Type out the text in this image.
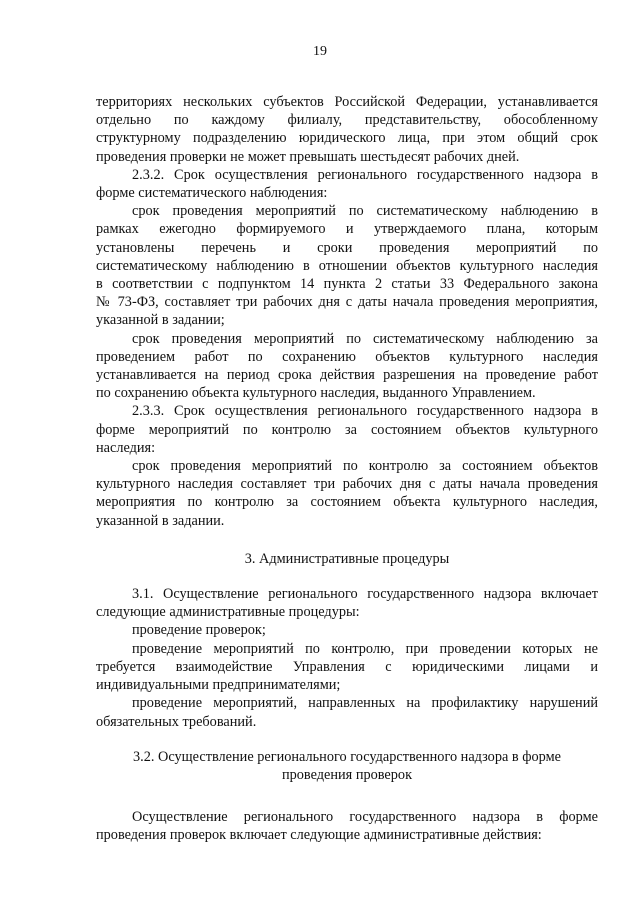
19

территориях нескольких субъектов Российской Федерации, устанавливается

отдельно по каждому филиалу, представительству, обособленному

структурному подразделению юридического лица, при этом общий срок

проведения проверки не может превышать шестьдесят рабочих дней.

2.3.2. Срок осуществления регионального государственного надзора в

форме систематического наблюдения:

срок проведения мероприятий по систематическому наблюдению в

рамках ежегодно формируемого и утверждаемого плана, которым

установлены перечень и сроки проведения мероприятий по

систематическому наблюдению в отношении объектов культурного наследия

в соответствии с подпунктом 14 пункта 2 статьи 33 Федерального закона

№ 73-ФЗ, составляет три рабочих дня с даты начала проведения мероприятия,

указанной в задании;

срок проведения мероприятий по систематическому наблюдению за

проведением работ по сохранению объектов культурного наследия

устанавливается на период срока действия разрешения на проведение работ

по сохранению объекта культурного наследия, выданного Управлением.

2.3.3. Срок осуществления регионального государственного надзора в

форме мероприятий по контролю за состоянием объектов культурного

наследия:

срок проведения мероприятий по контролю за состоянием объектов

культурного наследия составляет три рабочих дня с даты начала проведения

мероприятия по контролю за состоянием объекта культурного наследия,

указанной в задании.

3. Административные процедуры

3.1. Осуществление регионального государственного надзора включает

следующие административные процедуры:

проведение проверок;

проведение мероприятий по контролю, при проведении которых не

требуется взаимодействие Управления с юридическими лицами и

индивидуальными предпринимателями;

проведение мероприятий, направленных на профилактику нарушений

обязательных требований.

3.2. Осуществление регионального государственного надзора в форме

проведения проверок

Осуществление регионального государственного надзора в форме

проведения проверок включает следующие административные действия:
